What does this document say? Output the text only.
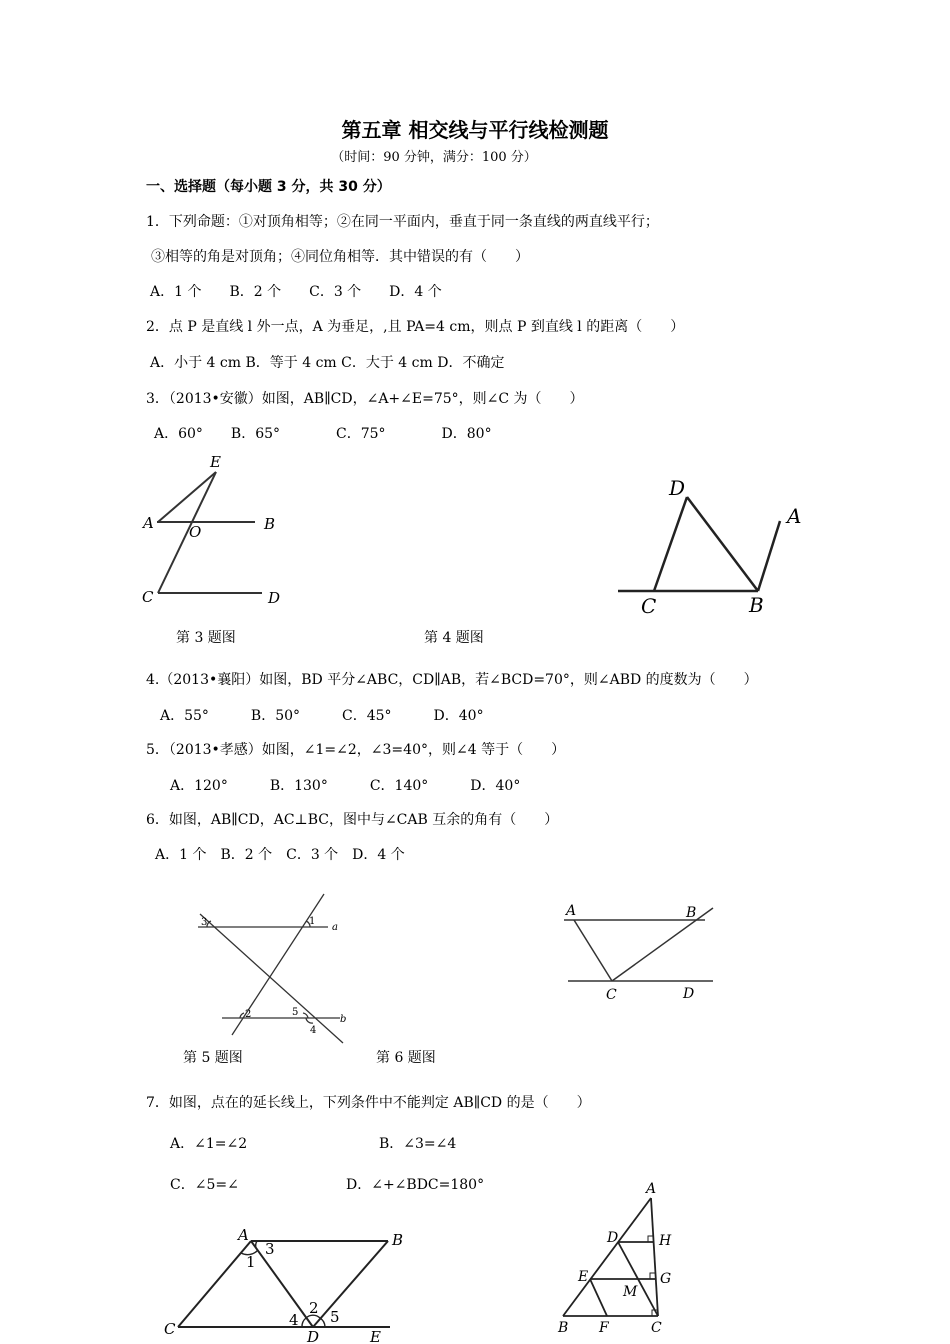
第五章 相交线与平行线检测题
（时间：90 分钟，满分：100 分）
一、选择题（每小题 3 分，共 30 分）
1．下列命题：①对顶角相等；②在同一平面内，垂直于同一条直线的两直线平行；
③相等的角是对顶角；④同位角相等．其中错误的有（　　）
A．1 个　　B．2 个　　C．3 个　　D．4 个
2．点 P 是直线 l 外一点，A 为垂足，,且 PA=4 cm，则点 P 到直线 l 的距离（　　）
A．小于 4 cm B．等于 4 cm C．大于 4 cm D．不确定
3．（2013•安徽）如图，AB∥CD，∠A+∠E=75°，则∠C 为（　　）
A．60°　　B．65°　　　　C．75°　　　　D．80°
E
A O	B
C	D
D
A
C	B
第 3 题图	第 4 题图
4.（2013•襄阳）如图，BD 平分∠ABC，CD∥AB，若∠BCD=70°，则∠ABD 的度数为（　　）
A．55°　　　B．50°　　　C．45°　　　D．40°
5．（2013•孝感）如图，∠1=∠2，∠3=40°，则∠4 等于（　　）
A．120°　　　B．130°　　　C．140°　　　D．40°
6．如图，AB∥CD，AC⊥BC，图中与∠CAB 互余的角有（　　）
A．1 个　B．2 个　C．3 个　D．4 个
3	1
a
2	5
4
b
A	B
C	D
第 5 题图	第 6 题图
7．如图，点在的延长线上，下列条件中不能判定 AB∥CD 的是（　　）
A．∠1=∠2	B．∠3=∠4
C．∠5=∠	D．∠+∠BDC=180°
A	B
1
3
C	4
2 5
D	E
A
D	H
E	G
M
B F	C
